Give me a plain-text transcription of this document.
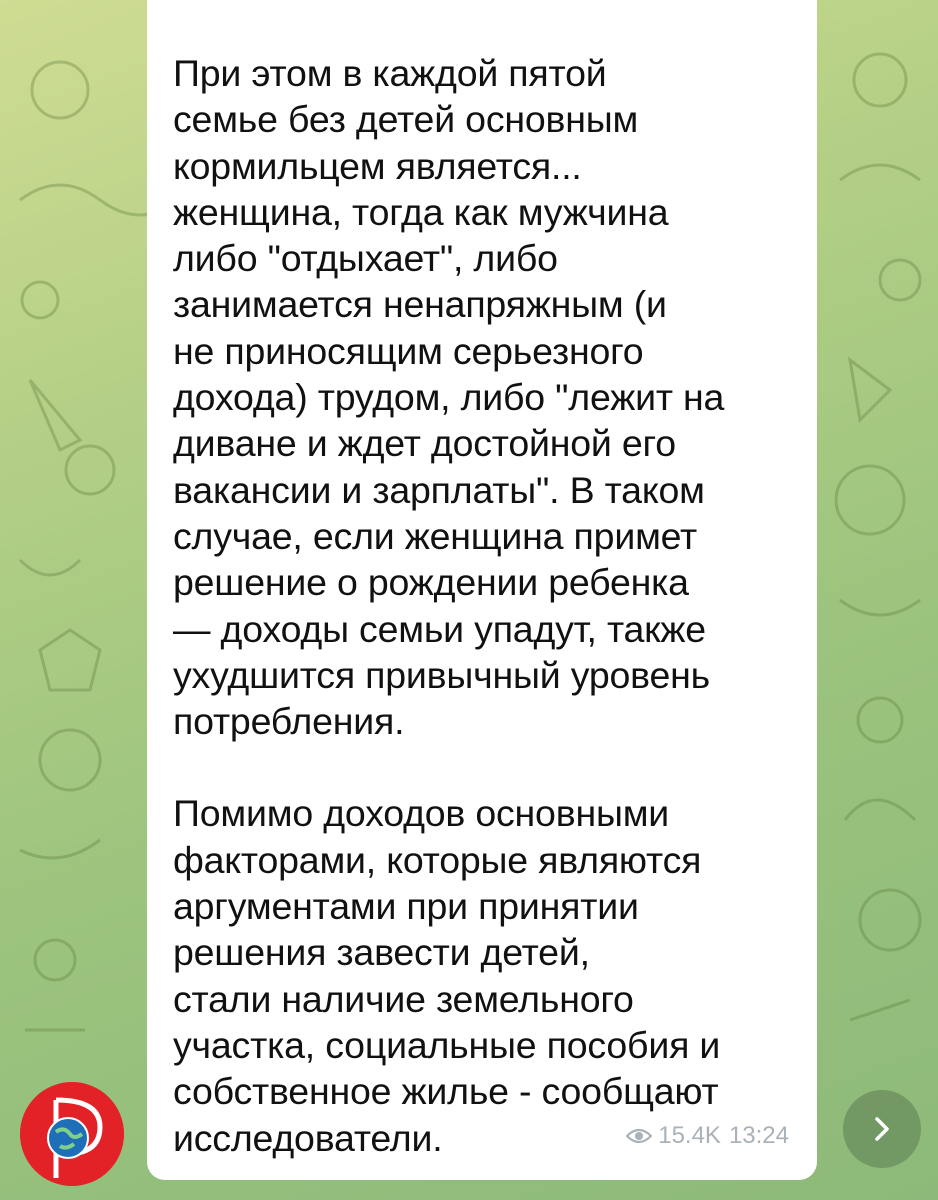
При этом в каждой пятой
семье без детей основным
кормильцем является...
женщина, тогда как мужчина
либо "отдыхает", либо
занимается ненапряжным (и
не приносящим серьезного
дохода) трудом, либо "лежит на
диване и ждет достойной его
вакансии и зарплаты". В таком
случае, если женщина примет
решение о рождении ребенка
— доходы семьи упадут, также
ухудшится привычный уровень
потребления.

Помимо доходов основными
факторами, которые являются
аргументами при принятии
решения завести детей,
стали наличие земельного
участка, социальные пособия и
собственное жилье - сообщают
исследователи.	15.4K 13:24
